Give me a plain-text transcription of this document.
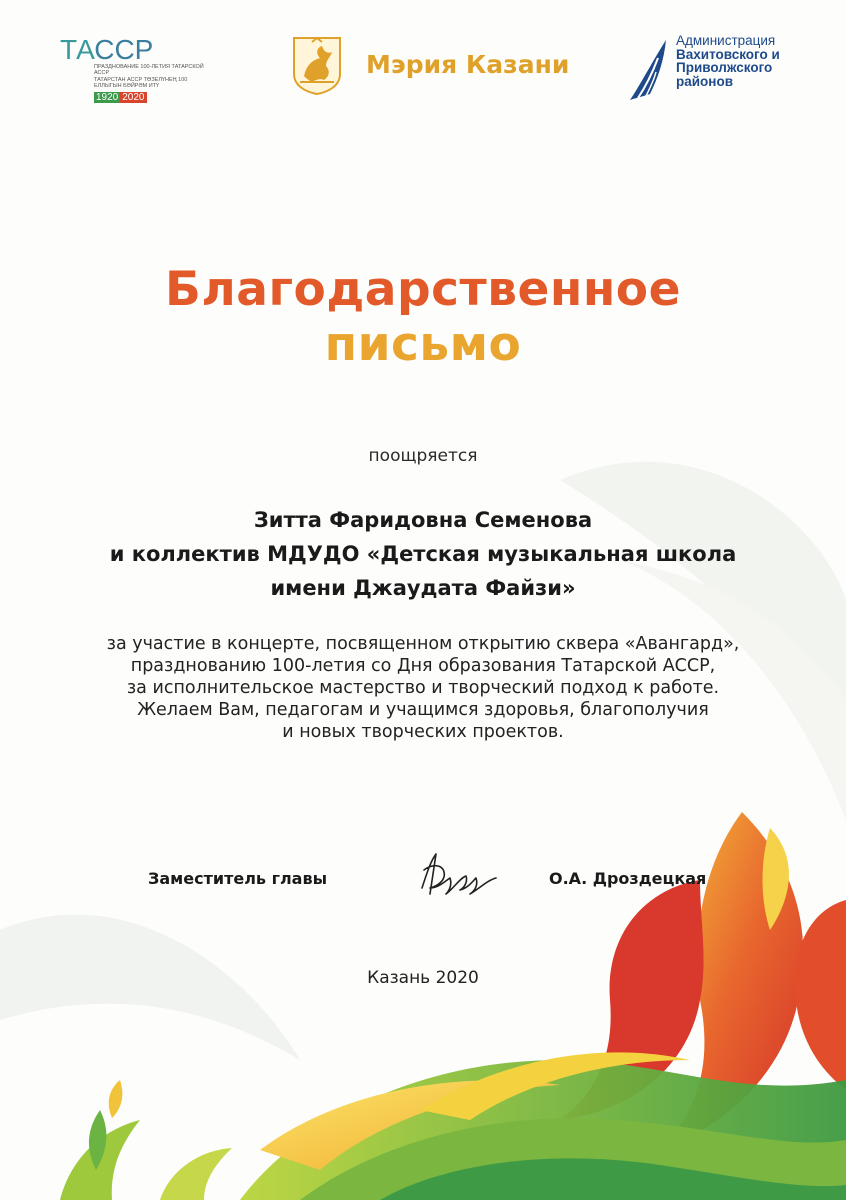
ТАССР
ПРАЗДНОВАНИЕ 100-ЛЕТИЯ ТАТАРСКОЙ АССР
ТАТАРСТАН АССР ТӨЗЕЛҮНЕҢ 100 ЕЛЛЫГЫН БӘЙРӘМ ИТҮ
1920 2020
Мэрия Казани
Администрация
Вахитовского и
Приволжского
районов
Благодарственное
письмо
поощряется
Зитта Фаридовна Семенова
и коллектив МДУДО «Детская музыкальная школа
имени Джаудата Файзи»
за участие в концерте, посвященном открытию сквера «Авангард»,
празднованию 100-летия со Дня образования Татарской АССР,
за исполнительское мастерство и творческий подход к работе.
Желаем Вам, педагогам и учащимся здоровья, благополучия
и новых творческих проектов.
Заместитель главы	О.А. Дроздецкая
Казань 2020
